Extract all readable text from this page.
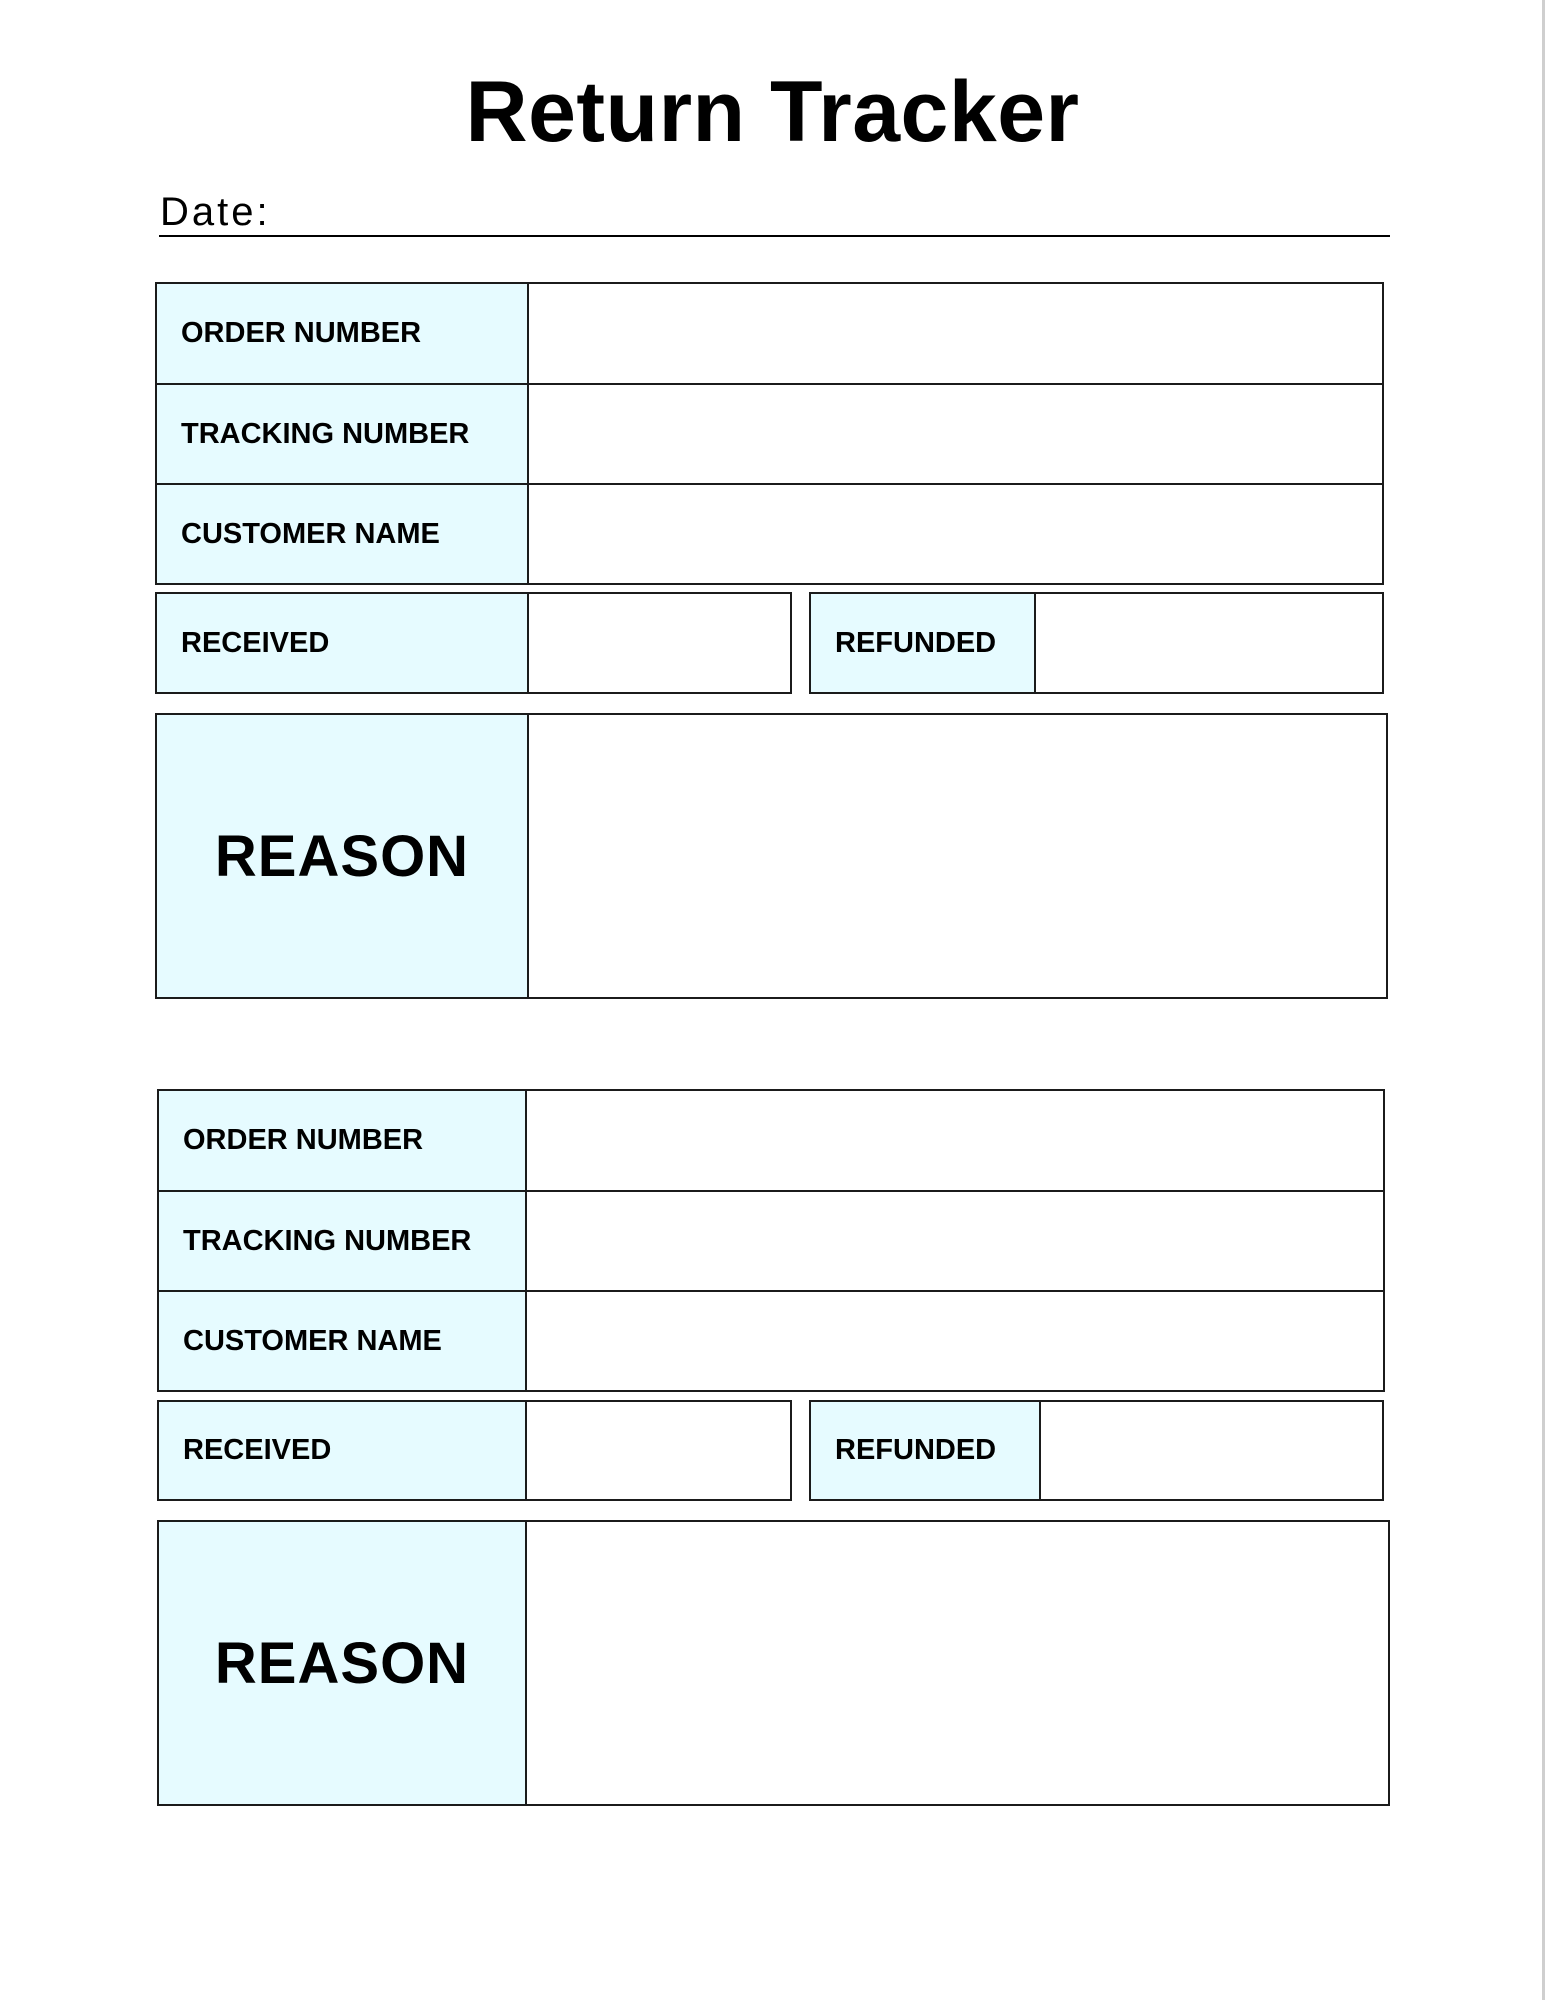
Return Tracker
Date:
ORDER NUMBER
TRACKING NUMBER
CUSTOMER NAME
RECEIVED	REFUNDED
REASON
ORDER NUMBER
TRACKING NUMBER
CUSTOMER NAME
RECEIVED	REFUNDED
REASON
